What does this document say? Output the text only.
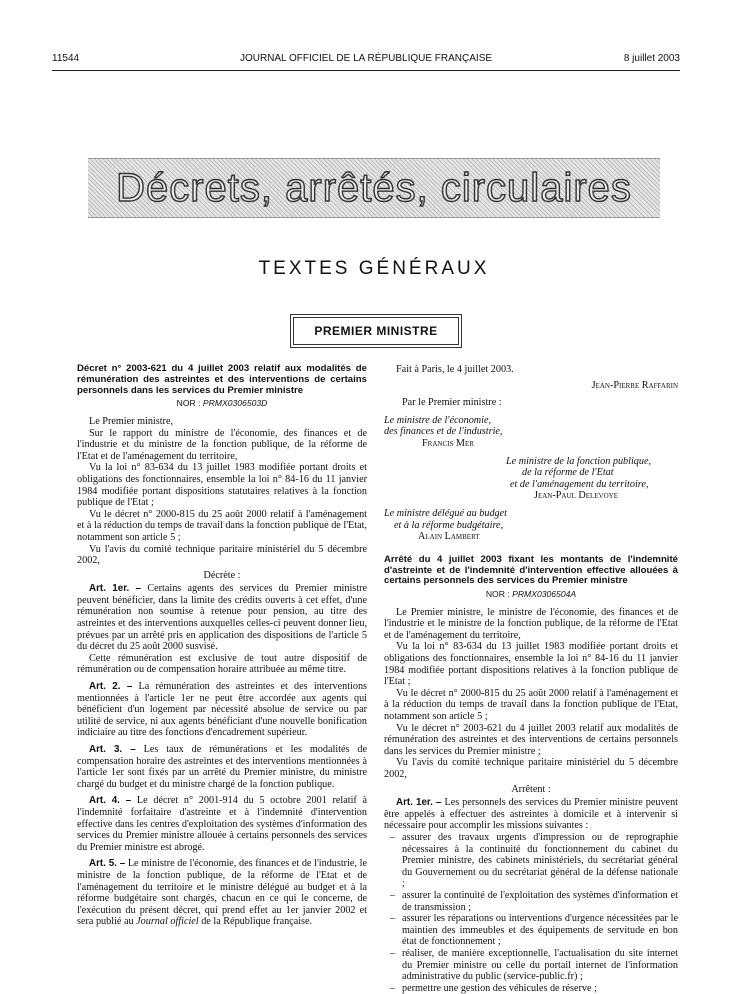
11544	JOURNAL OFFICIEL DE LA RÉPUBLIQUE FRANÇAISE	8 juillet 2003
Décrets, arrêtés, circulaires
TEXTES GÉNÉRAUX
PREMIER MINISTRE

Décret n° 2003-621 du 4 juillet 2003 relatif aux modalités de rémunération des astreintes et des interventions de certains personnels dans les services du Premier ministre

NOR : PRMX0306503D

Le Premier ministre,

Sur le rapport du ministre de l'économie, des finances et de l'industrie et du ministre de la fonction publique, de la réforme de l'Etat et de l'aménagement du territoire,

Vu la loi n° 83-634 du 13 juillet 1983 modifiée portant droits et obligations des fonctionnaires, ensemble la loi n° 84-16 du 11 janvier 1984 modifiée portant dispositions statutaires relatives à la fonction publique de l'Etat ;

Vu le décret n° 2000-815 du 25 août 2000 relatif à l'aménagement et à la réduction du temps de travail dans la fonction publique de l'Etat, notamment son article 5 ;

Vu l'avis du comité technique paritaire ministériel du 5 décembre 2002,

Décrète :

Art. 1er. – Certains agents des services du Premier ministre peuvent bénéficier, dans la limite des crédits ouverts à cet effet, d'une rémunération non soumise à retenue pour pension, au titre des astreintes et des interventions auxquelles celles-ci peuvent donner lieu, prévues par un arrêté pris en application des dispositions de l'article 5 du décret du 25 août 2000 susvisé.

Cette rémunération est exclusive de tout autre dispositif de rémunération ou de compensation horaire attribuée au même titre.

Art. 2. – La rémunération des astreintes et des interventions mentionnées à l'article 1er ne peut être accordée aux agents qui bénéficient d'un logement par nécessité absolue de service ou par utilité de service, ni aux agents bénéficiant d'une nouvelle bonification indiciaire au titre des fonctions d'encadrement supérieur.

Art. 3. – Les taux de rémunérations et les modalités de compensation horaire des astreintes et des interventions mentionnées à l'article 1er sont fixés par un arrêté du Premier ministre, du ministre chargé du budget et du ministre chargé de la fonction publique.

Art. 4. – Le décret n° 2001-914 du 5 octobre 2001 relatif à l'indemnité forfaitaire d'astreinte et à l'indemnité d'intervention effective dans les centres d'exploitation des systèmes d'information des services du Premier ministre allouée à certains personnels des services du Premier ministre est abrogé.

Art. 5. – Le ministre de l'économie, des finances et de l'industrie, le ministre de la fonction publique, de la réforme de l'Etat et de l'aménagement du territoire et le ministre délégué au budget et à la réforme budgétaire sont chargés, chacun en ce qui le concerne, de l'exécution du présent décret, qui prend effet au 1er janvier 2002 et sera publié au Journal officiel de la République française.

Fait à Paris, le 4 juillet 2003.

Jean-Pierre Raffarin

Par le Premier ministre :

Le ministre de l'économie,

des finances et de l'industrie,

Francis Mer

Le ministre de la fonction publique,

de la réforme de l'Etat

et de l'aménagement du territoire,

Jean-Paul Delevoye

Le ministre délégué au budget

et à la réforme budgétaire,

Alain Lambert

Arrêté du 4 juillet 2003 fixant les montants de l'indemnité d'astreinte et de l'indemnité d'intervention effective allouées à certains personnels des services du Premier ministre

NOR : PRMX0306504A

Le Premier ministre, le ministre de l'économie, des finances et de l'industrie et le ministre de la fonction publique, de la réforme de l'Etat et de l'aménagement du territoire,

Vu la loi n° 83-634 du 13 juillet 1983 modifiée portant droits et obligations des fonctionnaires, ensemble la loi n° 84-16 du 11 janvier 1984 modifiée portant dispositions relatives à la fonction publique de l'Etat ;

Vu le décret n° 2000-815 du 25 août 2000 relatif à l'aménagement et à la réduction du temps de travail dans la fonction publique de l'Etat, notamment son article 5 ;

Vu le décret n° 2003-621 du 4 juillet 2003 relatif aux modalités de rémunération des astreintes et des interventions de certains personnels dans les services du Premier ministre ;

Vu l'avis du comité technique paritaire ministériel du 5 décembre 2002,

Arrêtent :

Art. 1er. – Les personnels des services du Premier ministre peuvent être appelés à effectuer des astreintes à domicile et à intervenir si nécessaire pour accomplir les missions suivantes :

– assurer des travaux urgents d'impression ou de reprographie nécessaires à la continuité du fonctionnement du cabinet du Premier ministre, des cabinets ministériels, du secrétariat général du Gouvernement ou du secrétariat général de la défense nationale ;
– assurer la continuité de l'exploitation des systèmes d'information et de transmission ;
– assurer les réparations ou interventions d'urgence nécessitées par le maintien des immeubles et des équipements de servitude en bon état de fonctionnement ;
– réaliser, de manière exceptionnelle, l'actualisation du site internet du Premier ministre ou celle du portail internet de l'information administrative du public (service-public.fr) ;
– permettre une gestion des véhicules de réserve ;
